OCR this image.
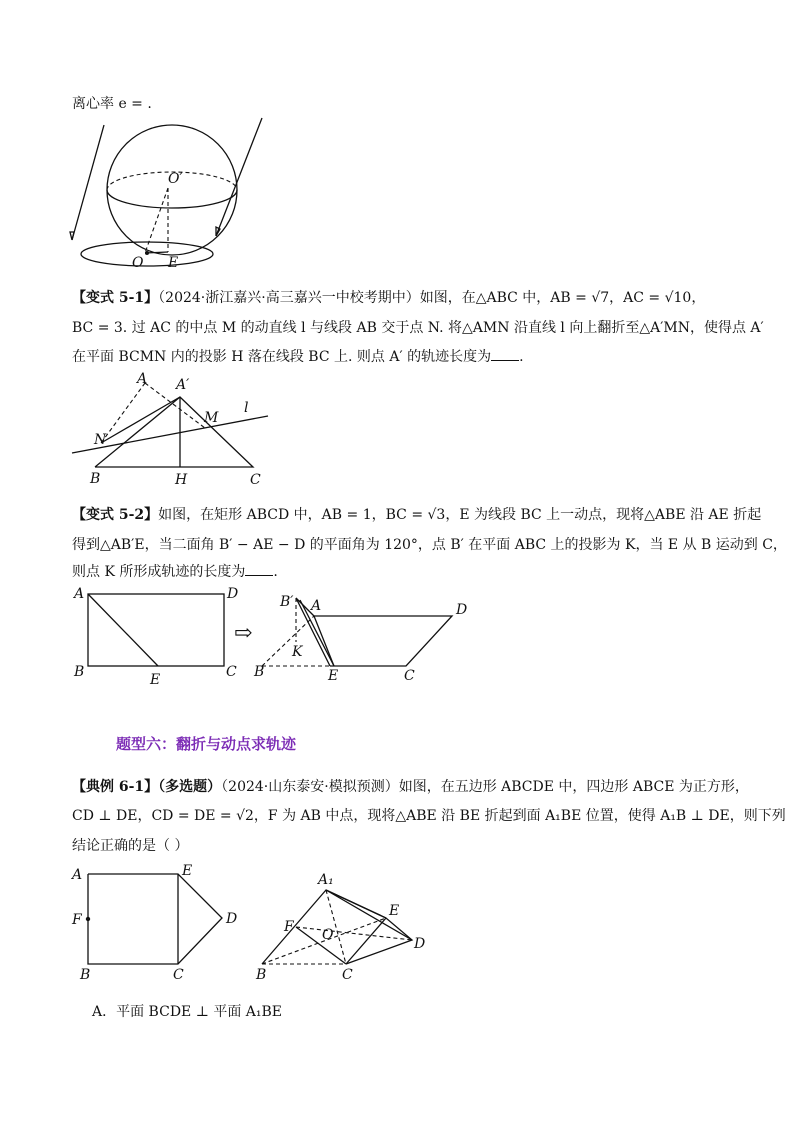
离心率 e = .
O′
O E
【变式 5-1】（2024·浙江嘉兴·高三嘉兴一中校考期中）如图，在△ABC 中，AB = √7，AC = √10，
BC = 3. 过 AC 的中点 M 的动直线 l 与线段 AB 交于点 N. 将△AMN 沿直线 l 向上翻折至△A′MN，使得点 A′
在平面 BCMN 内的投影 H 落在线段 BC 上. 则点 A′ 的轨迹长度为 .
A A′
l
M
N
B	H	C
【变式 5-2】如图，在矩形 ABCD 中，AB = 1，BC = √3，E 为线段 BC 上一动点，现将△ABE 沿 AE 折起
得到△AB′E，当二面角 B′ − AE − D 的平面角为 120°，点 B′ 在平面 ABC 上的投影为 K，当 E 从 B 运动到 C，
则点 K 所形成轨迹的长度为 .
A	D
B	E	C
⇨
B′ A	D
K
B	E	C
题型六：翻折与动点求轨迹
【典例 6-1】（多选题）（2024·山东泰安·模拟预测）如图，在五边形 ABCDE 中，四边形 ABCE 为正方形，
CD ⊥ DE，CD = DE = √2，F 为 AB 中点，现将△ABE 沿 BE 折起到面 A₁BE 位置，使得 A₁B ⊥ DE，则下列
结论正确的是（ ）
A	E
F	D
B	C
A₁
E
F O
D
B	C
A．平面 BCDE ⊥ 平面 A₁BE
